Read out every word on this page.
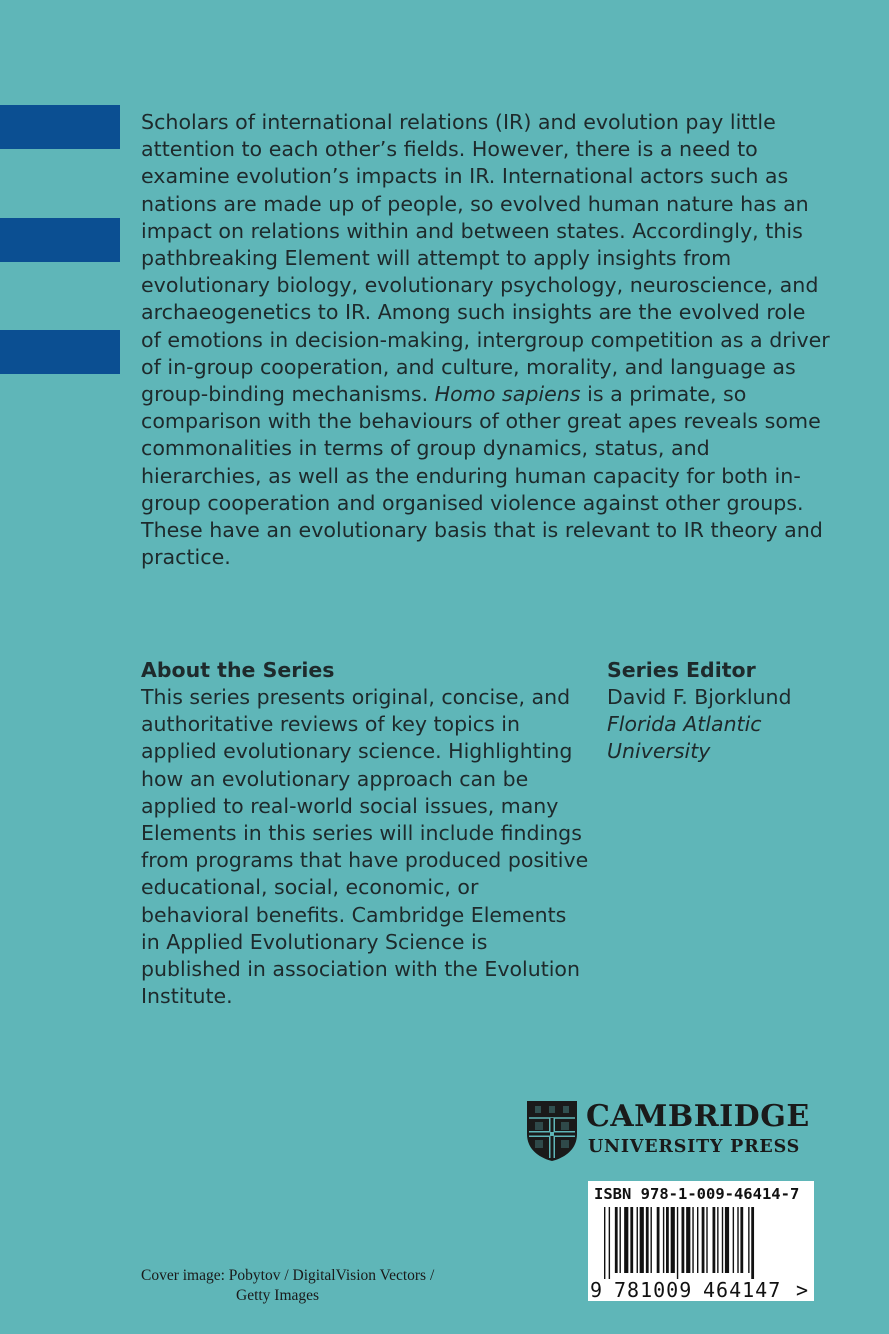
Scholars of international relations (IR) and evolution pay little attention to each other’s fields. However, there is a need to examine evolution’s impacts in IR. International actors such as nations are made up of people, so evolved human nature has an impact on relations within and between states. Accordingly, this pathbreaking Element will attempt to apply insights from evolutionary biology, evolutionary psychology, neuroscience, and archaeogenetics to IR. Among such insights are the evolved role of emotions in decision-making, intergroup competition as a driver of in-group cooperation, and culture, morality, and language as group-binding mechanisms. Homo sapiens is a primate, so comparison with the behaviours of other great apes reveals some commonalities in terms of group dynamics, status, and hierarchies, as well as the enduring human capacity for both in-group cooperation and organised violence against other groups. These have an evolutionary basis that is relevant to IR theory and practice.

About the Series

This series presents original, concise, and authoritative reviews of key topics in applied evolutionary science. Highlighting how an evolutionary approach can be applied to real-world social issues, many Elements in this series will include findings from programs that have produced positive educational, social, economic, or behavioral benefits. Cambridge Elements in Applied Evolutionary Science is published in association with the Evolution Institute.

Series Editor

David F. Bjorklund

Florida Atlantic

University

CAMBRIDGE

UNIVERSITY PRESS

ISBN 978-1-009-46414-7

9 781009 464147 >

Cover image: Pobytov / DigitalVision Vectors /

Getty Images
